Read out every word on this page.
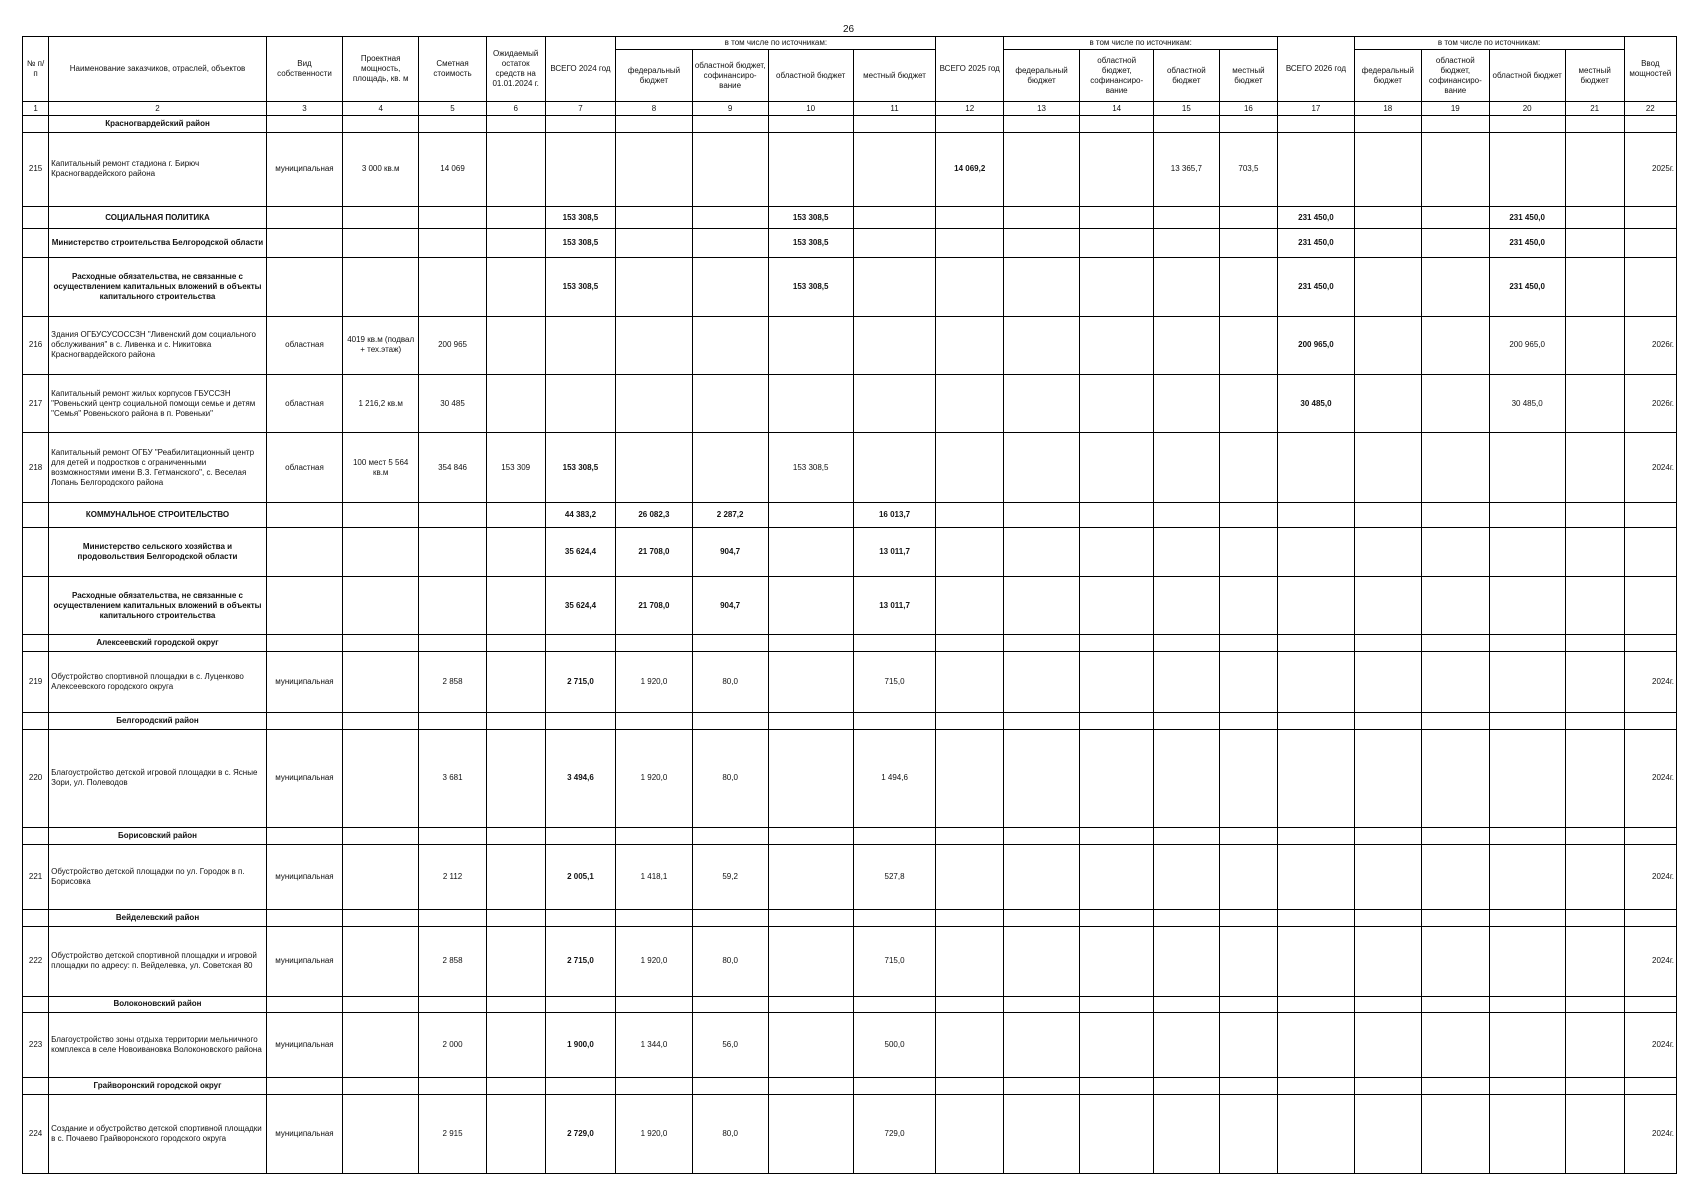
26
№ п/п	Наименование заказчиков, отраслей, объектов	Вид собственности	Проектная мощность, площадь, кв. м	Сметная стоимость	Ожидаемый остаток средств на 01.01.2024 г.	ВСЕГО 2024 год	в том числе по источникам:				ВСЕГО 2025 год	в том числе по источникам:				ВСЕГО 2026 год	в том числе по источникам:				Ввод мощностей
							федеральный бюджет	областной бюджет, софинансиро-вание	областной бюджет	местный бюджет		федеральный бюджет	областной бюджет, софинансиро-вание	областной бюджет	местный бюджет		федеральный бюджет	областной бюджет, софинансиро-вание	областной бюджет	местный бюджет	
1	2	3	4	5	6	7	8	9	10	11	12	13	14	15	16	17	18	19	20	21	22
	Красногвардейский район																				
215	Капитальный ремонт стадиона г. Бирюч Красногвардейского района	муниципальная	3 000 кв.м	14 069							14 069,2			13 365,7	703,5						2025г.
	СОЦИАЛЬНАЯ ПОЛИТИКА					153 308,5			153 308,5							231 450,0			231 450,0		
	Министерство строительства Белгородской области					153 308,5			153 308,5							231 450,0			231 450,0		
	Расходные обязательства, не связанные с осуществлением капитальных вложений в объекты капитального строительства					153 308,5			153 308,5							231 450,0			231 450,0		
216	Здания ОГБУСУСОССЗН "Ливенский дом социального обслуживания" в с. Ливенка и с. Никитовка Красногвардейского района	областная	4019 кв.м (подвал + тех.этаж)	200 965												200 965,0			200 965,0		2026г.
217	Капитальный ремонт жилых корпусов ГБУССЗН "Ровеньский центр социальной помощи семье и детям "Семья" Ровеньского района в п. Ровеньки"	областная	1 216,2 кв.м	30 485												30 485,0			30 485,0		2026г.
218	Капитальный ремонт ОГБУ "Реабилитационный центр для детей и подростков с ограниченными возможностями имени В.З. Гетманского", с. Веселая Лопань Белгородского района	областная	100 мест 5 564 кв.м	354 846	153 309	153 308,5			153 308,5												2024г.
	КОММУНАЛЬНОЕ СТРОИТЕЛЬСТВО					44 383,2	26 082,3	2 287,2		16 013,7											
	Министерство сельского хозяйства и продовольствия Белгородской области					35 624,4	21 708,0	904,7		13 011,7											
	Расходные обязательства, не связанные с осуществлением капитальных вложений в объекты капитального строительства					35 624,4	21 708,0	904,7		13 011,7											
	Алексеевский городской округ																				
219	Обустройство спортивной площадки в с. Луценково Алексеевского городского округа	муниципальная		2 858		2 715,0	1 920,0	80,0		715,0											2024г.
	Белгородский район																				
220	Благоустройство детской игровой площадки в с. Ясные Зори, ул. Полеводов	муниципальная		3 681		3 494,6	1 920,0	80,0		1 494,6											2024г.
	Борисовский район																				
221	Обустройство детской площадки по ул. Городок в п. Борисовка	муниципальная		2 112		2 005,1	1 418,1	59,2		527,8											2024г.
	Вейделевский район																				
222	Обустройство детской спортивной площадки и игровой площадки по адресу: п. Вейделевка, ул. Советская 80	муниципальная		2 858		2 715,0	1 920,0	80,0		715,0											2024г.
	Волоконовский район																				
223	Благоустройство зоны отдыха территории мельничного комплекса в селе Новоивановка Волоконовского района	муниципальная		2 000		1 900,0	1 344,0	56,0		500,0											2024г.
	Грайворонский городской округ																				
224	Создание и обустройство детской спортивной площадки в с. Почаево Грайворонского городского округа	муниципальная		2 915		2 729,0	1 920,0	80,0		729,0											2024г.
